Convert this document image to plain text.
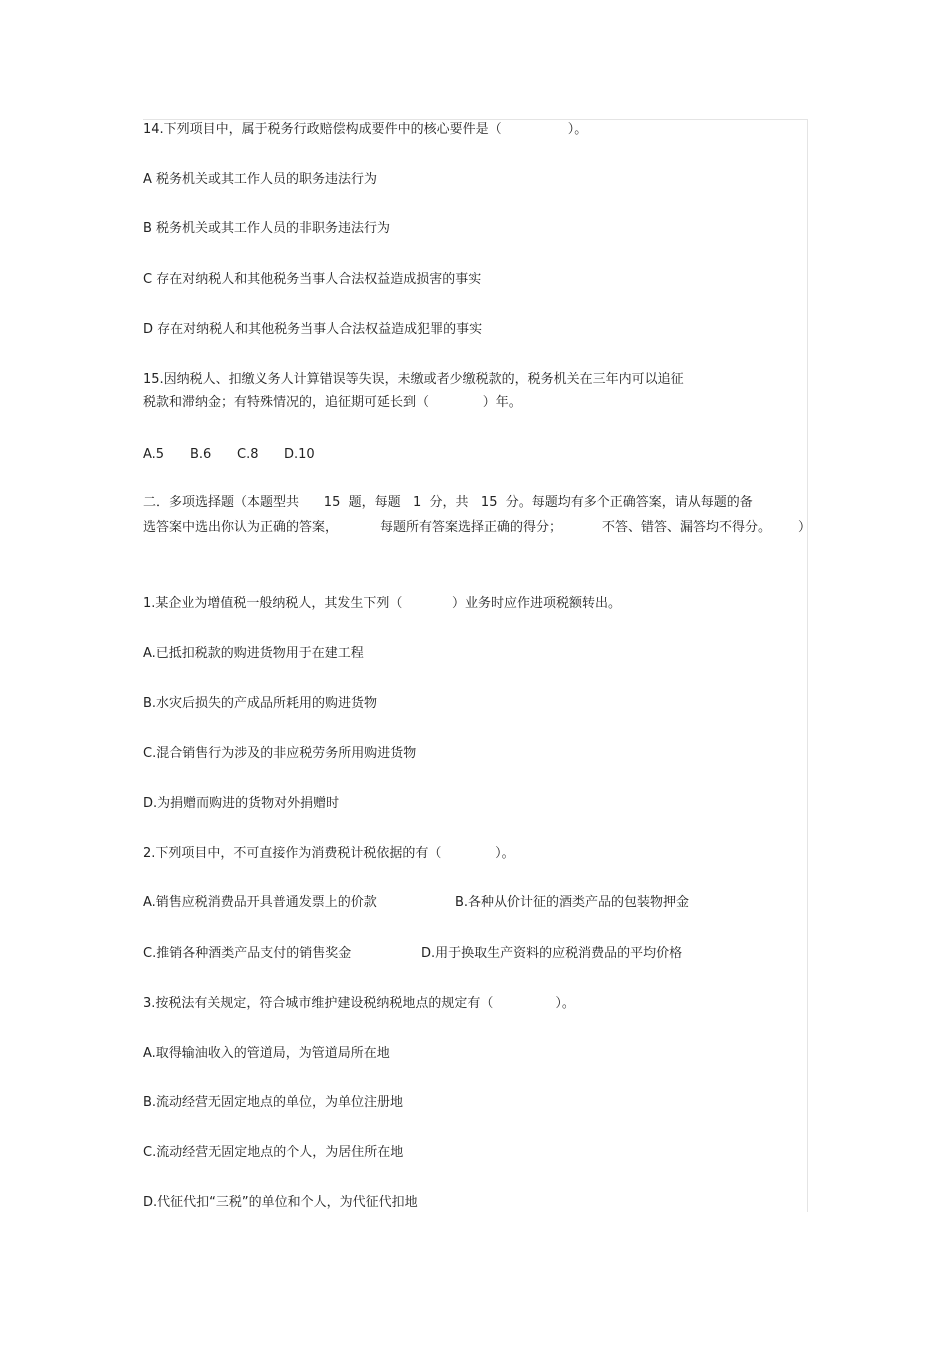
14.下列项目中，属于税务行政赔偿构成要件中的核心要件是（                ）。
A 税务机关或其工作人员的职务违法行为
B 税务机关或其工作人员的非职务违法行为
C 存在对纳税人和其他税务当事人合法权益造成损害的事实
D 存在对纳税人和其他税务当事人合法权益造成犯罪的事实
15.因纳税人、扣缴义务人计算错误等失误，未缴或者少缴税款的，税务机关在三年内可以追征
税款和滞纳金；有特殊情况的，追征期可延长到（             ）年。
A.5 B.6 C.8 D.10
二．多项选择题（本题型共      15  题，每题   1  分，共   15  分。每题均有多个正确答案，请从每题的备
选答案中选出你认为正确的答案，	每题所有答案选择正确的得分；	不答、错答、漏答均不得分。 ）
1.某企业为增值税一般纳税人，其发生下列（            ）业务时应作进项税额转出。
A.已抵扣税款的购进货物用于在建工程
B.水灾后损失的产成品所耗用的购进货物
C.混合销售行为涉及的非应税劳务所用购进货物
D.为捐赠而购进的货物对外捐赠时
2.下列项目中，不可直接作为消费税计税依据的有（             ）。
A.销售应税消费品开具普通发票上的价款	B.各种从价计征的酒类产品的包装物押金
C.推销各种酒类产品支付的销售奖金	D.用于换取生产资料的应税消费品的平均价格
3.按税法有关规定，符合城市维护建设税纳税地点的规定有（               ）。
A.取得输油收入的管道局，为管道局所在地
B.流动经营无固定地点的单位，为单位注册地
C.流动经营无固定地点的个人，为居住所在地
D.代征代扣“三税”的单位和个人，为代征代扣地
